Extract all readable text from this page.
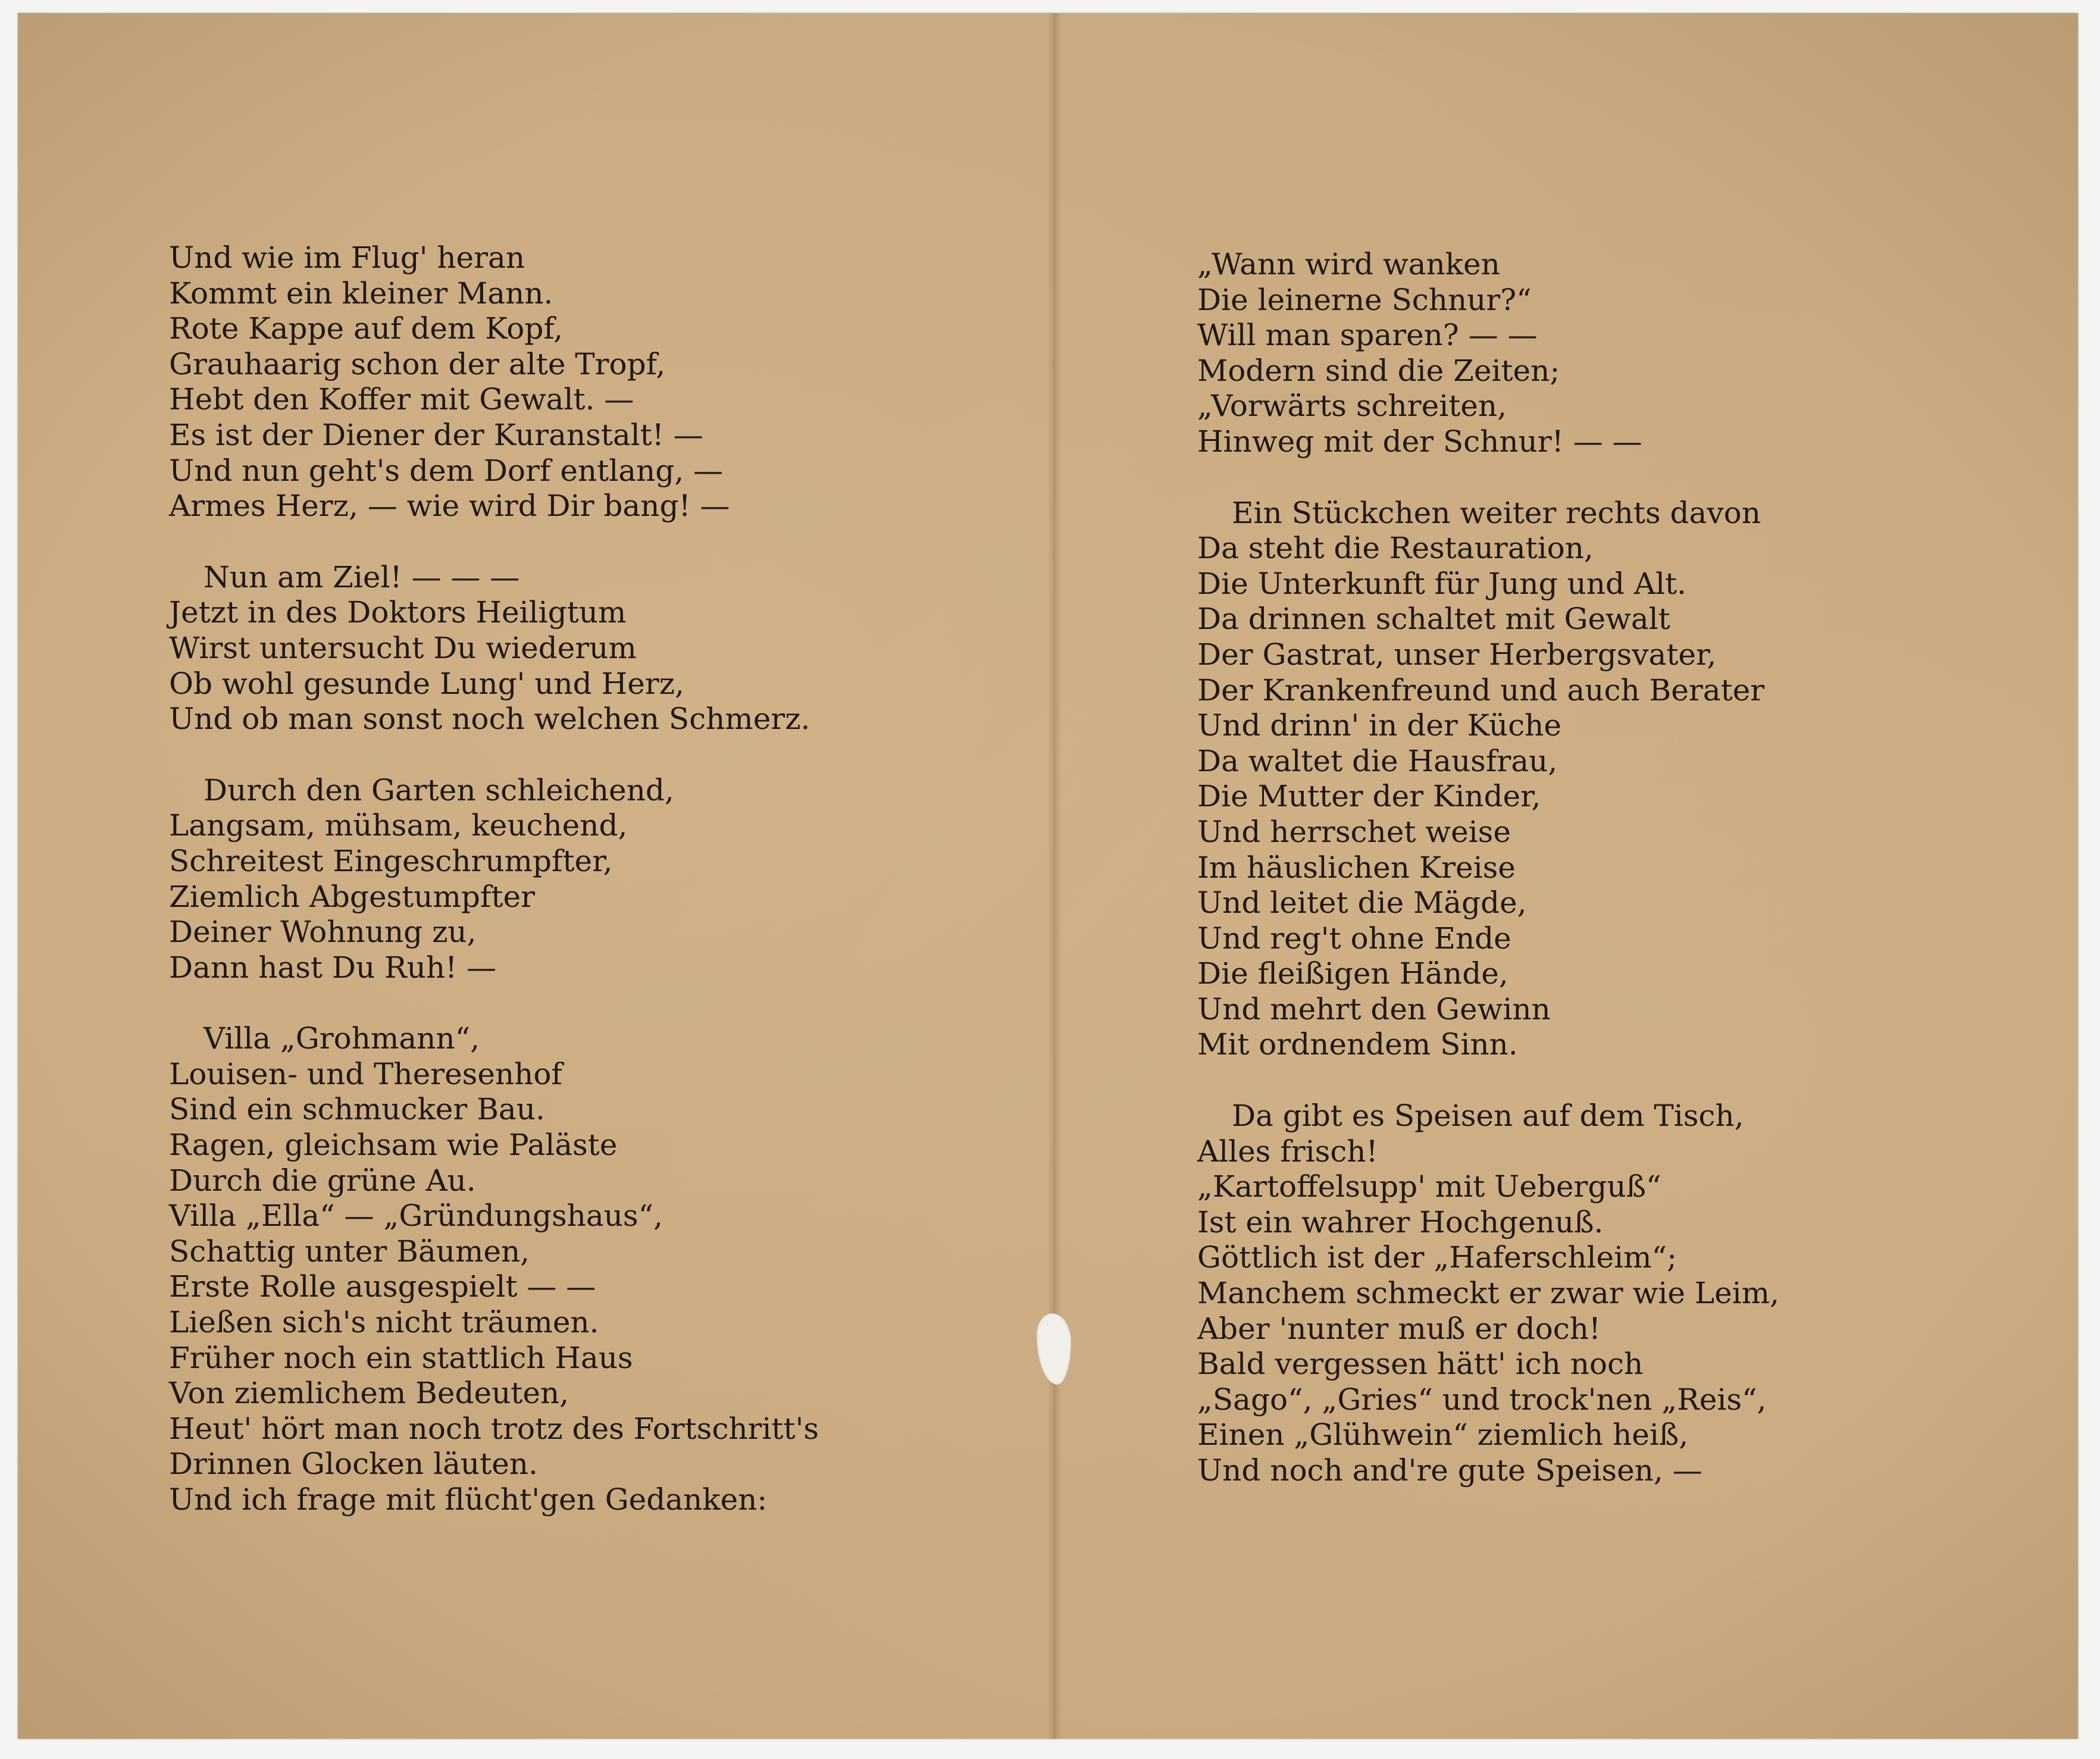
Und wie im Flug' heran
Kommt ein kleiner Mann.
Rote Kappe auf dem Kopf,
Grauhaarig schon der alte Tropf,
Hebt den Koffer mit Gewalt. —
Es ist der Diener der Kuranstalt! —
Und nun geht's dem Dorf entlang, —
Armes Herz, — wie wird Dir bang! —
Nun am Ziel! — — —
Jetzt in des Doktors Heiligtum
Wirst untersucht Du wiederum
Ob wohl gesunde Lung' und Herz,
Und ob man sonst noch welchen Schmerz.
Durch den Garten schleichend,
Langsam, mühsam, keuchend,
Schreitest Eingeschrumpfter,
Ziemlich Abgestumpfter
Deiner Wohnung zu,
Dann hast Du Ruh! —
Villa „Grohmann“,
Louisen- und Theresenhof
Sind ein schmucker Bau.
Ragen, gleichsam wie Paläste
Durch die grüne Au.
Villa „Ella“ — „Gründungshaus“,
Schattig unter Bäumen,
Erste Rolle ausgespielt — —
Ließen sich's nicht träumen.
Früher noch ein stattlich Haus
Von ziemlichem Bedeuten,
Heut' hört man noch trotz des Fortschritt's
Drinnen Glocken läuten.
Und ich frage mit flücht'gen Gedanken:
„Wann wird wanken
Die leinerne Schnur?“
Will man sparen? — —
Modern sind die Zeiten;
„Vorwärts schreiten,
Hinweg mit der Schnur! — —
Ein Stückchen weiter rechts davon
Da steht die Restauration,
Die Unterkunft für Jung und Alt.
Da drinnen schaltet mit Gewalt
Der Gastrat, unser Herbergsvater,
Der Krankenfreund und auch Berater
Und drinn' in der Küche
Da waltet die Hausfrau,
Die Mutter der Kinder,
Und herrschet weise
Im häuslichen Kreise
Und leitet die Mägde,
Und reg't ohne Ende
Die fleißigen Hände,
Und mehrt den Gewinn
Mit ordnendem Sinn.
Da gibt es Speisen auf dem Tisch,
Alles frisch!
„Kartoffelsupp' mit Ueberguß“
Ist ein wahrer Hochgenuß.
Göttlich ist der „Haferschleim“;
Manchem schmeckt er zwar wie Leim,
Aber 'nunter muß er doch!
Bald vergessen hätt' ich noch
„Sago“, „Gries“ und trock'nen „Reis“,
Einen „Glühwein“ ziemlich heiß,
Und noch and're gute Speisen, —
